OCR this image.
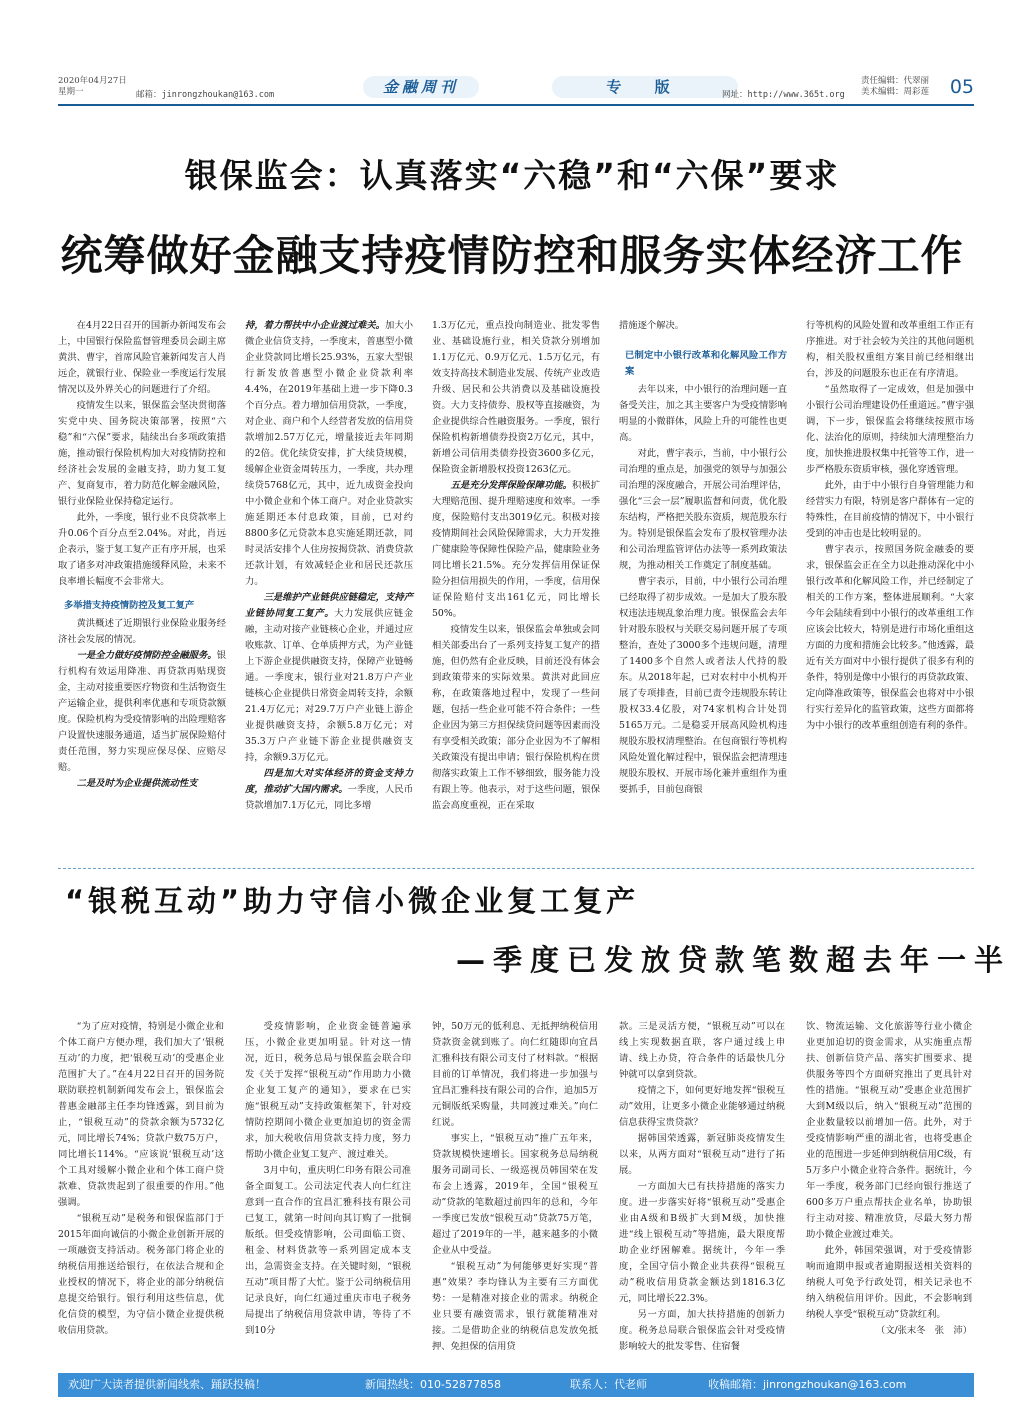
2020年04月27日
星期一	邮箱：jinrongzhoukan@163.com	金融周刊	专 版	网址：http://www.365t.org
责任编辑：代翠丽
美术编辑：周彩莲 05
银保监会：认真落实“六稳”和“六保”要求
统筹做好金融支持疫情防控和服务实体经济工作

在4月22日召开的国新办新闻发布会上，中国银行保险监督管理委员会副主席黄洪、曹宇，首席风险官兼新闻发言人肖远企，就银行业、保险业一季度运行发展情况以及外界关心的问题进行了介绍。

疫情发生以来，银保监会坚决贯彻落实党中央、国务院决策部署，按照“六稳”和“六保”要求，陆续出台多项政策措施，推动银行保险机构加大对疫情防控和经济社会发展的金融支持，助力复工复产、复商复市，着力防范化解金融风险，银行业保险业保持稳定运行。

此外，一季度，银行业不良贷款率上升0.06个百分点至2.04%。对此，肖远企表示，鉴于复工复产正有序开展，也采取了诸多对冲政策措施缓释风险，未来不良率增长幅度不会非常大。

多举措支持疫情防控及复工复产

黄洪概述了近期银行业保险业服务经济社会发展的情况。

一是全力做好疫情防控金融服务。银行机构有效运用降准、再贷款再贴现资金，主动对接重要医疗物资和生活物资生产运输企业，提供利率优惠和专项贷款额度。保险机构为受疫情影响的出险理赔客户设置快速服务通道，适当扩展保险赔付责任范围，努力实现应保尽保、应赔尽赔。

二是及时为企业提供流动性支

持，着力帮扶中小企业渡过难关。加大小微企业信贷支持，一季度末，普惠型小微企业贷款同比增长25.93%，五家大型银行新发放普惠型小微企业贷款利率4.4%，在2019年基础上进一步下降0.3个百分点。着力增加信用贷款，一季度，对企业、商户和个人经营者发放的信用贷款增加2.57万亿元，增量接近去年同期的2倍。优化续贷安排，扩大续贷规模，缓解企业资金周转压力，一季度，共办理续贷5768亿元，其中，近九成资金投向中小微企业和个体工商户。对企业贷款实施延期还本付息政策，目前，已对约8800多亿元贷款本息实施延期还款，同时灵活安排个人住房按揭贷款、消费贷款还款计划，有效减轻企业和居民还款压力。

三是维护产业链供应链稳定，支持产业链协同复工复产。大力发展供应链金融，主动对接产业链核心企业，并通过应收账款、订单、仓单质押方式，为产业链上下游企业提供融资支持，保障产业链畅通。一季度末，银行业对21.8万户产业链核心企业提供日常资金周转支持，余额21.4万亿元；对29.7万户产业链上游企业提供融资支持，余额5.8万亿元；对35.3万户产业链下游企业提供融资支持，余额9.3万亿元。

四是加大对实体经济的资金支持力度，推动扩大国内需求。一季度，人民币贷款增加7.1万亿元，同比多增

1.3万亿元，重点投向制造业、批发零售业、基础设施行业，相关贷款分别增加1.1万亿元、0.9万亿元、1.5万亿元，有效支持高技术制造业发展、传统产业改造升级、居民和公共消费以及基础设施投资。大力支持债券、股权等直接融资，为企业提供综合性融资服务。一季度，银行保险机构新增债券投资2万亿元，其中，新增公司信用类债券投资3600多亿元，保险资金新增股权投资1263亿元。

五是充分发挥保险保障功能。积极扩大理赔范围、提升理赔速度和效率。一季度，保险赔付支出3019亿元。积极对接疫情期间社会风险保障需求，大力开发推广健康险等保障性保险产品，健康险业务同比增长21.5%。充分发挥信用保证保险分担信用损失的作用，一季度，信用保证保险赔付支出161亿元，同比增长50%。

疫情发生以来，银保监会单独或会同相关部委出台了一系列支持复工复产的措施，但仍然有企业反映，目前还没有体会到政策带来的实际效果。黄洪对此回应称，在政策落地过程中，发现了一些问题，包括一些企业可能不符合条件；一些企业因为第三方担保续贷问题等因素而没有享受相关政策；部分企业因为不了解相关政策没有提出申请；银行保险机构在贯彻落实政策上工作不够细致，服务能力没有跟上等。他表示，对于这些问题，银保监会高度重视，正在采取

措施逐个解决。

已制定中小银行改革和化解风险工作方案

去年以来，中小银行的治理问题一直备受关注，加之其主要客户为受疫情影响明显的小微群体，风险上升的可能性也更高。

对此，曹宇表示，当前，中小银行公司治理的重点是，加强党的领导与加强公司治理的深度融合，开展公司治理评估，强化“三会一层”履职监督和问责，优化股东结构，严格把关股东资质，规范股东行为。特别是银保监会发布了股权管理办法和公司治理监管评估办法等一系列政策法规，为推动相关工作奠定了制度基础。

曹宇表示，目前，中小银行公司治理已经取得了初步成效。一是加大了股东股权违法违规乱象治理力度。银保监会去年针对股东股权与关联交易问题开展了专项整治，查处了3000多个违规问题，清理了1400多个自然人或者法人代持的股东。从2018年起，已对农村中小机构开展了专项排查，目前已责令违规股东转让股权33.4亿股，对74家机构合计处罚5165万元。二是稳妥开展高风险机构违规股东股权清理整治。在包商银行等机构风险处置化解过程中，银保监会把清理违规股东股权、开展市场化兼并重组作为重要抓手，目前包商银

行等机构的风险处置和改革重组工作正有序推进。对于社会较为关注的其他问题机构，相关股权重组方案目前已经相继出台，涉及的问题股东也正在有序清退。

“虽然取得了一定成效，但是加强中小银行公司治理建设仍任重道远。”曹宇强调，下一步，银保监会将继续按照市场化、法治化的原则，持续加大清理整治力度，加快推进股权集中托管等工作，进一步严格股东资质审核，强化穿透管理。

此外，由于中小银行自身管理能力和经营实力有限，特别是客户群体有一定的特殊性，在目前疫情的情况下，中小银行受到的冲击也是比较明显的。

曹宇表示，按照国务院金融委的要求，银保监会正在全力以赴推动深化中小银行改革和化解风险工作，并已经制定了相关的工作方案，整体进展顺利。“大家今年会陆续看到中小银行的改革重组工作应该会比较大，特别是进行市场化重组这方面的力度和措施会比较多。”他透露，最近有关方面对中小银行提供了很多有利的条件，特别是像中小银行的再贷款政策、定向降准政策等，银保监会也将对中小银行实行差异化的监管政策，这些方面都将为中小银行的改革重组创造有利的条件。

“银税互动”助力守信小微企业复工复产
—季度已发放贷款笔数超去年一半

“为了应对疫情，特别是小微企业和个体工商户方便办理，我们加大了‘银税互动’的力度，把‘银税互动’的受惠企业范围扩大了。”在4月22日召开的国务院联防联控机制新闻发布会上，银保监会普惠金融部主任李均锋透露，到目前为止，“银税互动”的贷款余额为5732亿元，同比增长74%；贷款户数75万户，同比增长114%。“应该说‘银税互动’这个工具对缓解小微企业和个体工商户贷款难、贷款贵起到了很重要的作用。”他强调。

“银税互动”是税务和银保监部门于2015年面向诚信的小微企业创新开展的一项融资支持活动。税务部门将企业的纳税信用推送给银行，在依法合规和企业授权的情况下，将企业的部分纳税信息提交给银行。银行利用这些信息，优化信贷的模型，为守信小微企业提供税收信用贷款。

受疫情影响，企业资金链普遍承压，小微企业更加明显。针对这一情况，近日，税务总局与银保监会联合印发《关于发挥“银税互动”作用助力小微企业复工复产的通知》，要求在已实施“银税互动”支持政策框架下，针对疫情防控期间小微企业更加迫切的资金需求，加大税收信用贷款支持力度，努力帮助小微企业复工复产、渡过难关。

3月中旬，重庆明仁印务有限公司准备全面复工。公司法定代表人向仁红注意到一直合作的宜昌汇雅科技有限公司已复工，就第一时间向其订购了一批铜版纸。但受疫情影响，公司面临工资、租金、材料货款等一系列固定成本支出，急需资金支持。在关键时刻，“银税互动”项目帮了大忙。鉴于公司纳税信用记录良好，向仁红通过重庆市电子税务局提出了纳税信用贷款申请，等待了不到10分

钟，50万元的低利息、无抵押纳税信用贷款资金就到账了。向仁红随即向宜昌汇雅科技有限公司支付了材料款。“根据目前的订单情况，我们将进一步加强与宜昌汇雅科技有限公司的合作，追加5万元铜版纸采购量，共同渡过难关。”向仁红说。

事实上，“银税互动”推广五年来，贷款规模快速增长。国家税务总局纳税服务司副司长、一级巡视员韩国荣在发布会上透露，2019年，全国“银税互动”贷款的笔数超过前四年的总和，今年一季度已发放“银税互动”贷款75万笔，超过了2019年的一半，越来越多的小微企业从中受益。

“银税互动”为何能够更好实现“普惠”效果？李均锋认为主要有三方面优势：一是精准对接企业的需求。纳税企业只要有融资需求，银行就能精准对接。二是借助企业的纳税信息发放免抵押、免担保的信用贷

款。三是灵活方便，“银税互动”可以在线上实现数据直联，客户通过线上申请、线上办贷，符合条件的话最快几分钟就可以拿到贷款。

疫情之下，如何更好地发挥“银税互动”效用，让更多小微企业能够通过纳税信息获得宝贵贷款？

据韩国荣透露，新冠肺炎疫情发生以来，从两方面对“银税互动”进行了拓展。

一方面加大已有扶持措施的落实力度。进一步落实好将“银税互动”受惠企业由A级和B级扩大到M级，加快推进“线上银税互动”等措施，最大限度帮助企业纾困解难。据统计，今年一季度，全国守信小微企业共获得“银税互动”税收信用贷款金额达到1816.3亿元，同比增长22.3%。

另一方面，加大扶持措施的创新力度。税务总局联合银保监会针对受疫情影响较大的批发零售、住宿餐

饮、物流运输、文化旅游等行业小微企业更加迫切的资金需求，从实施重点帮扶、创新信贷产品、落实扩围要求、提供服务等四个方面研究推出了更具针对性的措施。“银税互动”受惠企业范围扩大到M级以后，纳入“银税互动”范围的企业数量较以前增加一倍。此外，对于受疫情影响严重的湖北省，也将受惠企业的范围进一步延伸到纳税信用C级，有5万多户小微企业符合条件。据统计，今年一季度，税务部门已经向银行推送了600多万户重点帮扶企业名单，协助银行主动对接、精准放贷，尽最大努力帮助小微企业渡过难关。

此外，韩国荣强调，对于受疫情影响而逾期申报或者逾期报送相关资料的纳税人可免予行政处罚，相关记录也不纳入纳税信用评价。因此，不会影响到纳税人享受“银税互动”贷款红利。

（文/张末冬　张　沛）
欢迎广大读者提供新闻线索、踊跃投稿！	新闻热线：010-52877858	联系人：代老师	收稿邮箱：jinrongzhoukan@163.com
